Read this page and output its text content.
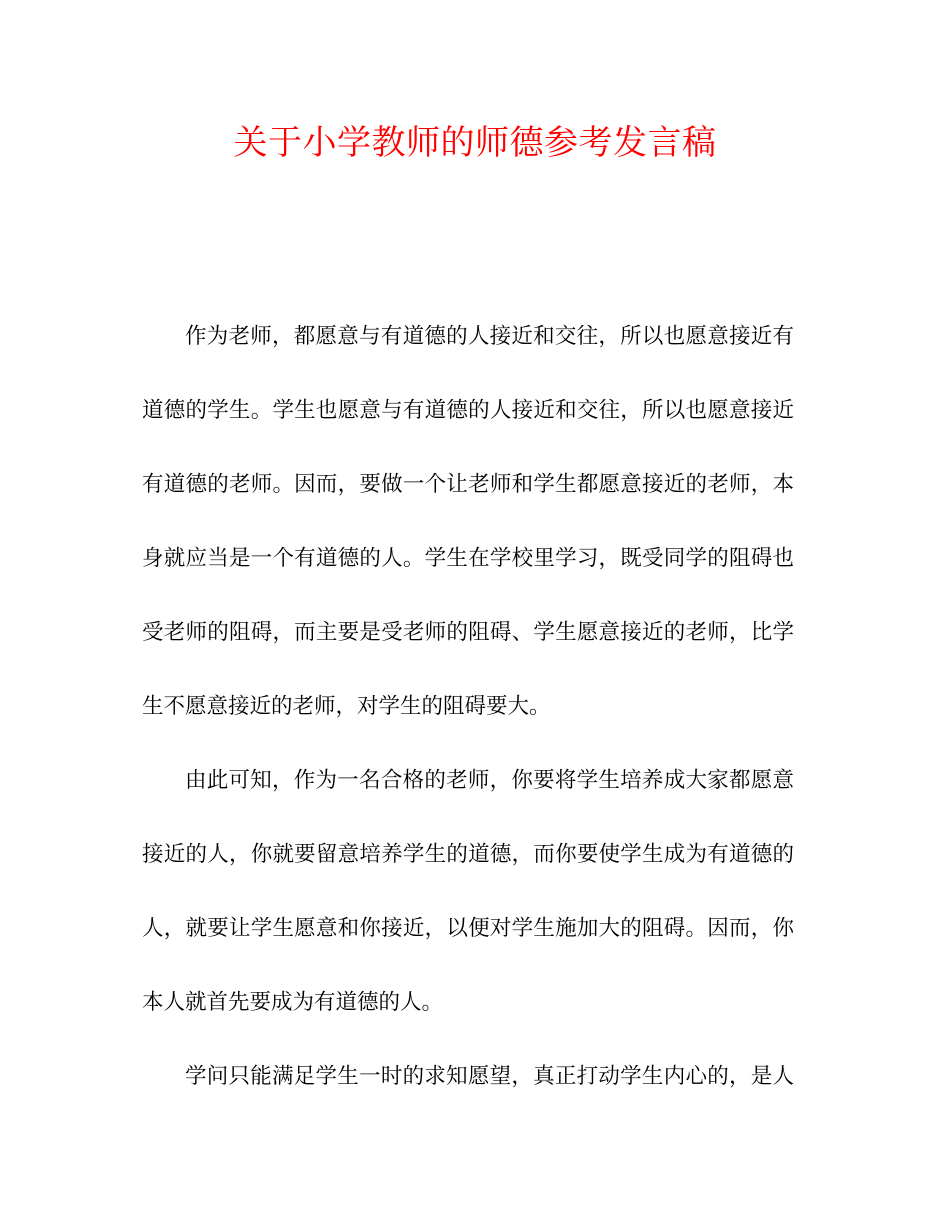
关于小学教师的师德参考发言稿
作为老师，都愿意与有道德的人接近和交往，所以也愿意接近有
道德的学生。学生也愿意与有道德的人接近和交往，所以也愿意接近
有道德的老师。因而，要做一个让老师和学生都愿意接近的老师，本
身就应当是一个有道德的人。学生在学校里学习，既受同学的阻碍也
受老师的阻碍，而主要是受老师的阻碍、学生愿意接近的老师，比学
生不愿意接近的老师，对学生的阻碍要大。
由此可知，作为一名合格的老师，你要将学生培养成大家都愿意
接近的人，你就要留意培养学生的道德，而你要使学生成为有道德的
人，就要让学生愿意和你接近，以便对学生施加大的阻碍。因而，你
本人就首先要成为有道德的人。
学问只能满足学生一时的求知愿望，真正打动学生内心的，是人
